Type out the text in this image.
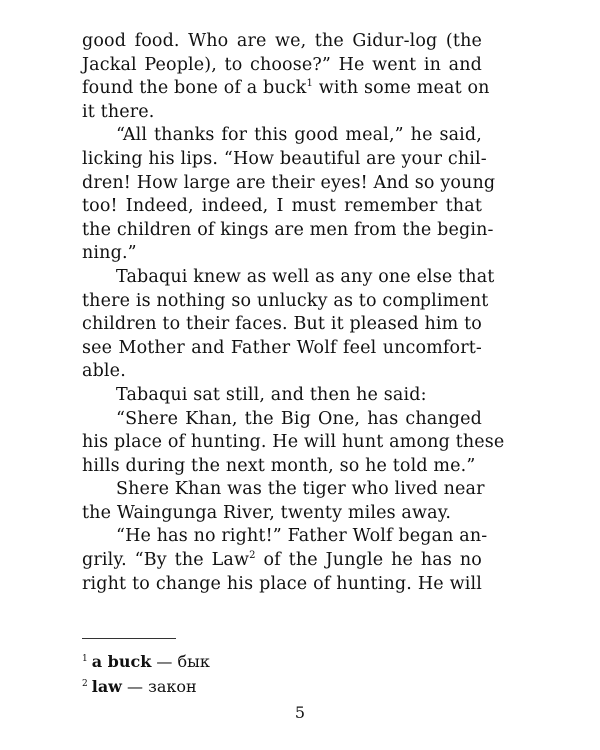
good food. Who are we, the Gidur-log (the
Jackal People), to choose?” He went in and
found the bone of a buck$^1$ with some meat on
it there.
“All thanks for this good meal,” he said,
licking his lips. “How beautiful are your chil-
dren! How large are their eyes! And so young
too! Indeed, indeed, I must remember that
the children of kings are men from the begin-
ning.”
Tabaqui knew as well as any one else that
there is nothing so unlucky as to compliment
children to their faces. But it pleased him to
see Mother and Father Wolf feel uncomfort-
able.
Tabaqui sat still, and then he said:
“Shere Khan, the Big One, has changed
his place of hunting. He will hunt among these
hills during the next month, so he told me.”
Shere Khan was the tiger who lived near
the Waingunga River, twenty miles away.
“He has no right!” Father Wolf began an-
grily. “By the Law$^2$ of the Jungle he has no
right to change his place of hunting. He will
$^1$ a buck — бык
$^2$ law — закон
5
